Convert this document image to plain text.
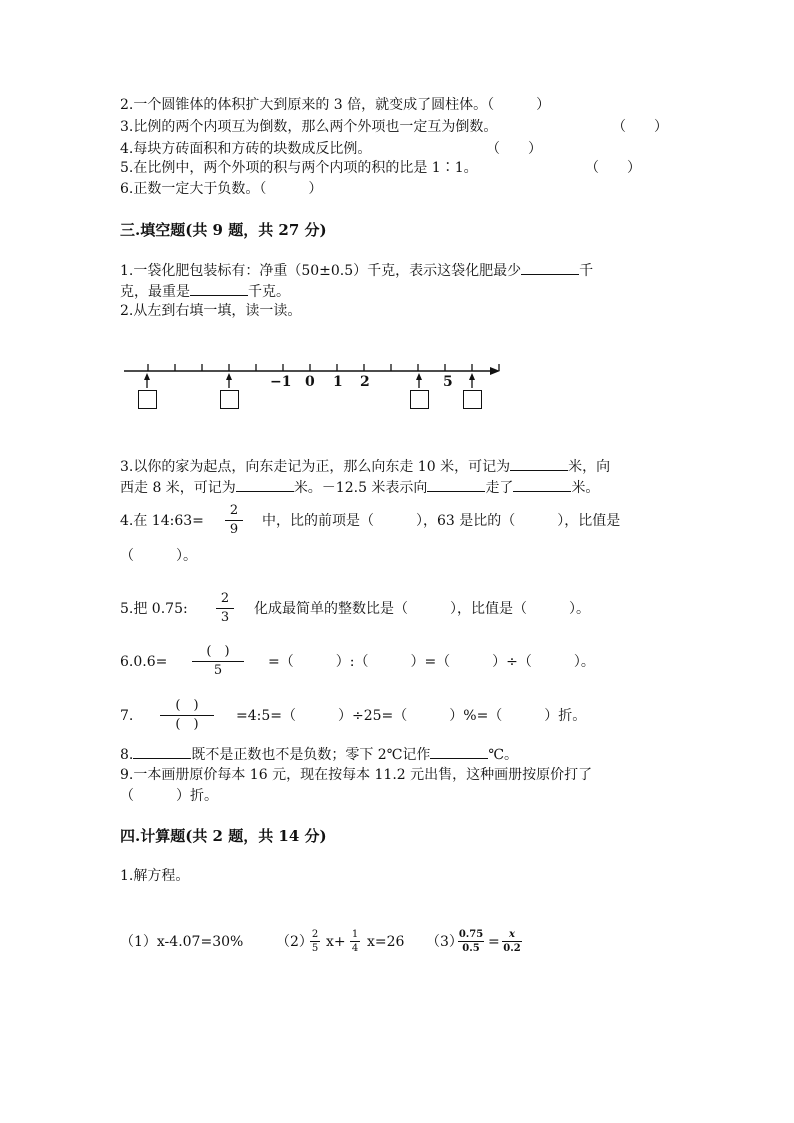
2.一个圆锥体的体积扩大到原来的 3 倍，就变成了圆柱体。（　　　）
3.比例的两个内项互为倒数，那么两个外项也一定互为倒数。	（　　）
4.每块方砖面积和方砖的块数成反比例。	（　　）
5.在比例中，两个外项的积与两个内项的积的比是 1∶1。	（　　）
6.正数一定大于负数。（　　　）
三.填空题(共 9 题，共 27 分)
1.一袋化肥包装标有：净重（50±0.5）千克，表示这袋化肥最少	千
克，最重是	千克。
2.从左到右填一填，读一读。
−1 0 1 2	5
3.以你的家为起点，向东走记为正，那么向东走 10 米，可记为	米，向
西走 8 米，可记为	米。－12.5 米表示向	走了	米。
4.在 14:63=
2
9
中，比的前项是（　　　），63 是比的（　　　），比值是
（　　　）。
5.把 0.75:
2
3
化成最简单的整数比是（　　　），比值是（　　　）。
6.0.6=
(　)
5
=（　　　）:（　　　）=（　　　）÷（　　　）。
7.
(　)
(　)
=4:5=（　　　）÷25=（　　　）%=（　　　）折。
8.	既不是正数也不是负数；零下 2℃记作	℃。
9.一本画册原价每本 16 元，现在按每本 11.2 元出售，这种画册按原价打了
（　　　）折。
四.计算题(共 2 题，共 14 分)
1.解方程。
（1）x-4.07=30% （2）
2
5 x+ 1
4 x=26 （3）
0.75
0.5 = x
0.2
